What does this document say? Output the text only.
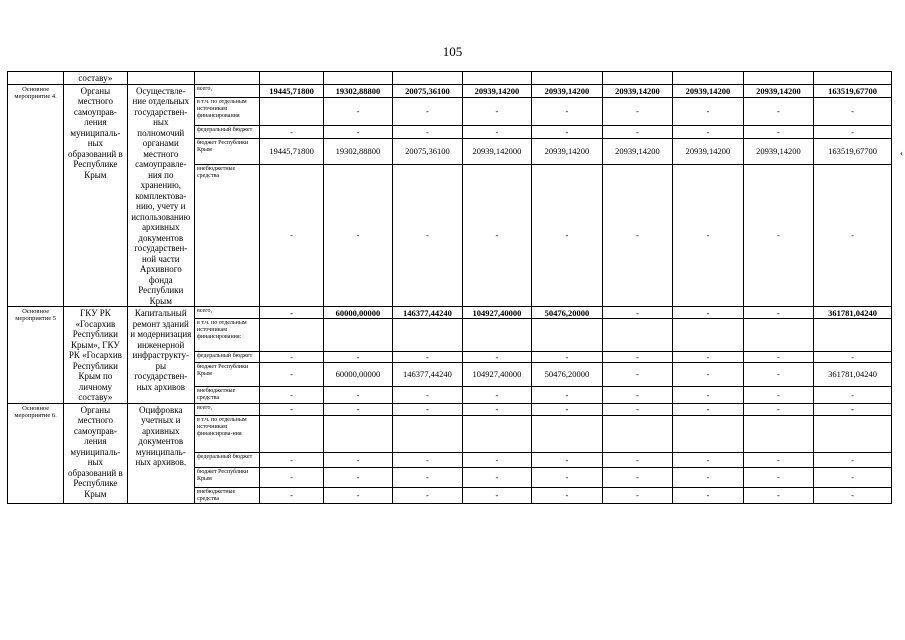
105
‹
	составу»											
Основное мероприятие 4.	Органы местного самоуправ-ления муниципаль-ных образований в Республике Крым	Осуществле-ние отдельных государствен-ных полномочий органами местного самоуправле-ния по хранению, комплектова-нию, учету и использованию архивных документов государствен-ной части Архивного фонда Республики Крым	всего,	19445,71800	19302,88800	20075,36100	20939,14200	20939,14200	20939,14200	20939,14200	20939,14200	163519,67700
			в т.ч. по отдельным источникам финансирования		-	-	-	-	-	-	-	-
			федеральный бюджет	-	-	-	-	-	-	-	-	-
			бюджет Республики Крым	19445,71800	19302,88800	20075,36100	20939,142000	20939,14200	20939,14200	20939,14200	20939,14200	163519,67700
			внебюджетные средства	-	-	-	-	-	-	-	-	-
Основное мероприятие 5	ГКУ РК «Госархив Республики Крым», ГКУ РК «Госархив Республики Крым по личному составу»	Капитальный ремонт зданий и модернизация инженерной инфраструкту-ры государствен-ных архивов	всего,	-	60000,00000	146377,44240	104927,40000	50476,20000	-	-	-	361781,04240
			в т.ч. по отдельным источникам финансирования:									
			федеральный бюджет	-	-	-	-	-	-	-	-	-
			бюджет Республики Крым	-	60000,00000	146377,44240	104927,40000	50476,20000	-	-	-	361781,04240
			внебюджетные средства	-	-	-	-	-	-	-	-	-
Основное мероприятие 6.	Органы местного самоуправ-ления муниципаль-ных образований в Республике Крым	Оцифровка учетных и архивных документов муниципаль-ных архивов.	всего,	-	-	-	-	-	-	-	-	-
			в т.ч. по отдельным источникам финансирова-ния									
			федеральный бюджет	-	-	-	-	-	-	-	-	-
			бюджет Республики Крым	-	-	-	-	-	-	-	-	-
			внебюджетные средства	-	-	-	-	-	-	-	-	-
